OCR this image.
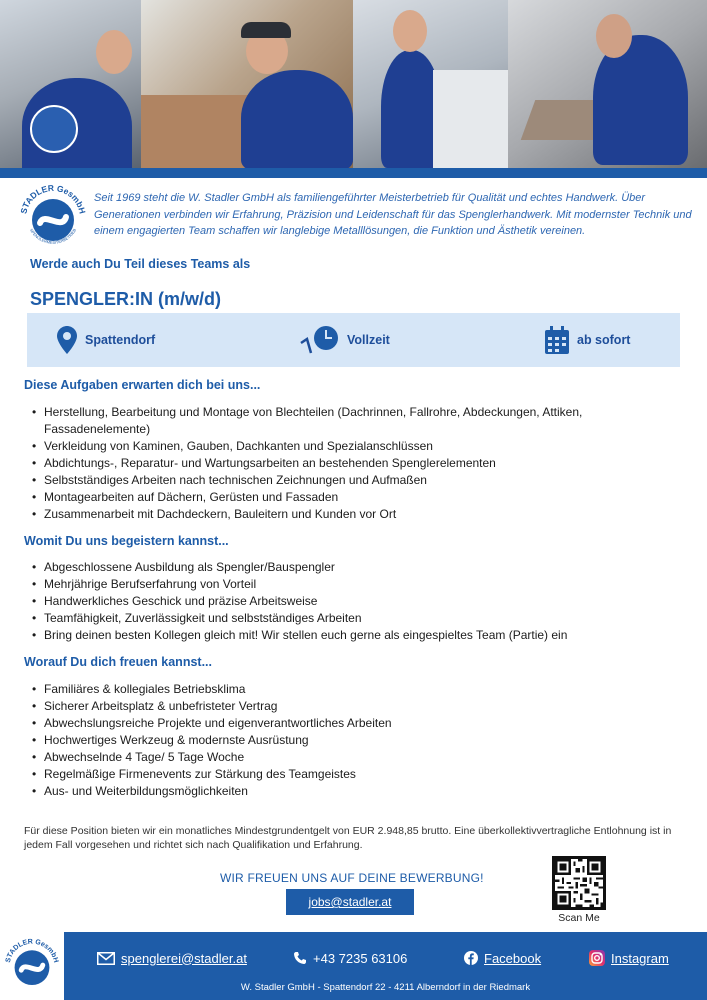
STADLER GesmbH
SPENGLERMEISTERBETRIEB
Seit 1969 steht die W. Stadler GmbH als familiengeführter Meisterbetrieb für Qualität und echtes Handwerk. Über Generationen verbinden wir Erfahrung, Präzision und Leidenschaft für das Spenglerhandwerk. Mit modernster Technik und einem engagierten Team schaffen wir langlebige Metalllösungen, die Funktion und Ästhetik vereinen.
Werde auch Du Teil dieses Teams als
SPENGLER:IN (m/w/d)
Spattendorf	Vollzeit	ab sofort
Diese Aufgaben erwarten dich bei uns...
• Herstellung, Bearbeitung und Montage von Blechteilen (Dachrinnen, Fallrohre, Abdeckungen, Attiken, Fassadenelemente)
• Verkleidung von Kaminen, Gauben, Dachkanten und Spezialanschlüssen
• Abdichtungs-, Reparatur- und Wartungsarbeiten an bestehenden Spenglerelementen
• Selbstständiges Arbeiten nach technischen Zeichnungen und Aufmaßen
• Montagearbeiten auf Dächern, Gerüsten und Fassaden
• Zusammenarbeit mit Dachdeckern, Bauleitern und Kunden vor Ort
Womit Du uns begeistern kannst...
• Abgeschlossene Ausbildung als Spengler/Bauspengler
• Mehrjährige Berufserfahrung von Vorteil
• Handwerkliches Geschick und präzise Arbeitsweise
• Teamfähigkeit, Zuverlässigkeit und selbstständiges Arbeiten
• Bring deinen besten Kollegen gleich mit! Wir stellen euch gerne als eingespieltes Team (Partie) ein
Worauf Du dich freuen kannst...
• Familiäres & kollegiales Betriebsklima
• Sicherer Arbeitsplatz & unbefristeter Vertrag
• Abwechslungsreiche Projekte und eigenverantwortliches Arbeiten
• Hochwertiges Werkzeug & modernste Ausrüstung
• Abwechselnde 4 Tage/ 5 Tage Woche
• Regelmäßige Firmenevents zur Stärkung des Teamgeistes
• Aus- und Weiterbildungsmöglichkeiten
Für diese Position bieten wir ein monatliches Mindestgrundentgelt von EUR 2.948,85 brutto. Eine überkollektivvertragliche Entlohnung ist in jedem Fall vorgesehen und richtet sich nach Qualifikation und Erfahrung.
WIR FREUEN UNS AUF DEINE BEWERBUNG!
jobs@stadler.at
Scan Me
STADLER GesmbH	spenglerei@stadler.at	+43 7235 63106	Facebook	Instagram
W. Stadler GmbH - Spattendorf 22 - 4211 Alberndorf in der Riedmark
